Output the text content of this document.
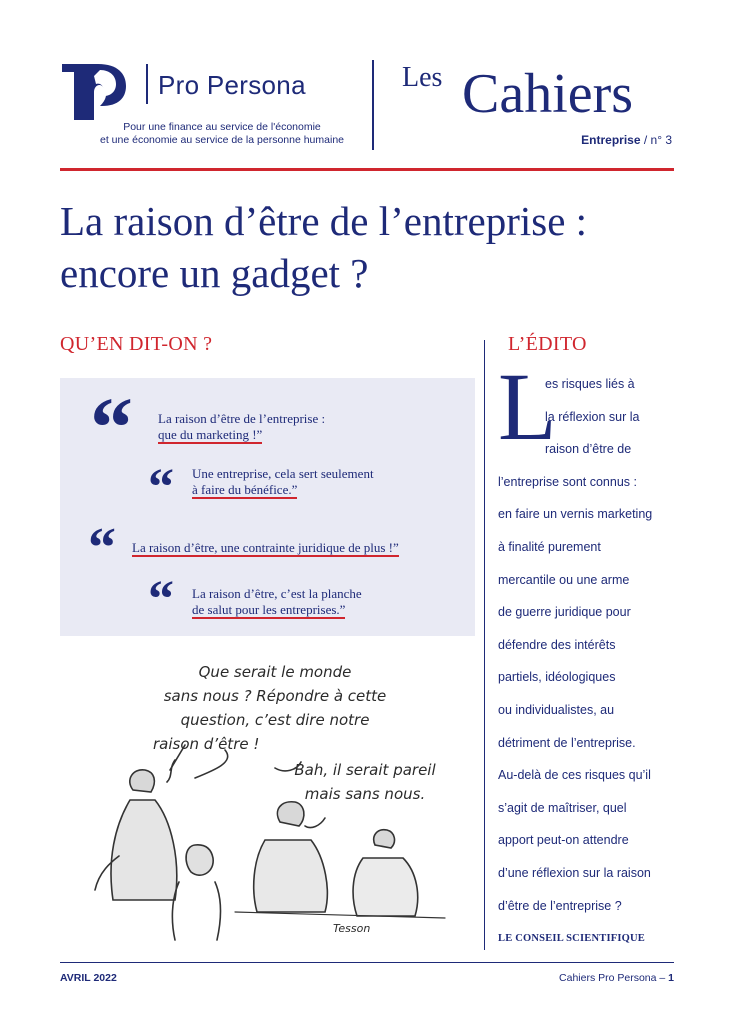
Pro Persona
Pour une finance au service de l'économie
et une économie au service de la personne humaine
Les Cahiers
Entreprise / n° 3
La raison d’être de l’entreprise :
encore un gadget ?
QU’EN DIT-ON ?
“ La raison d’être de l’entreprise :
que du marketing !”
“ Une entreprise, cela sert seulement
à faire du bénéfice.”
“ La raison d’être, une contrainte juridique de plus !”
“ La raison d’être, c’est la planche
de salut pour les entreprises.”
Que serait le monde
sans nous ? Répondre à cette
question, c’est dire notre
raison d’être !
Bah, il serait pareil
mais sans nous.
Tesson
L’ÉDITO
L
es risques liés à
la réflexion sur la
raison d’être de
l’entreprise sont connus :
en faire un vernis marketing
à finalité purement
mercantile ou une arme
de guerre juridique pour
défendre des intérêts
partiels, idéologiques
ou individualistes, au
détriment de l’entreprise.
Au-delà de ces risques qu’il
s’agit de maîtriser, quel
apport peut-on attendre
d’une réflexion sur la raison
d’être de l’entreprise ?
LE CONSEIL SCIENTIFIQUE
AVRIL 2022	Cahiers Pro Persona – 1
